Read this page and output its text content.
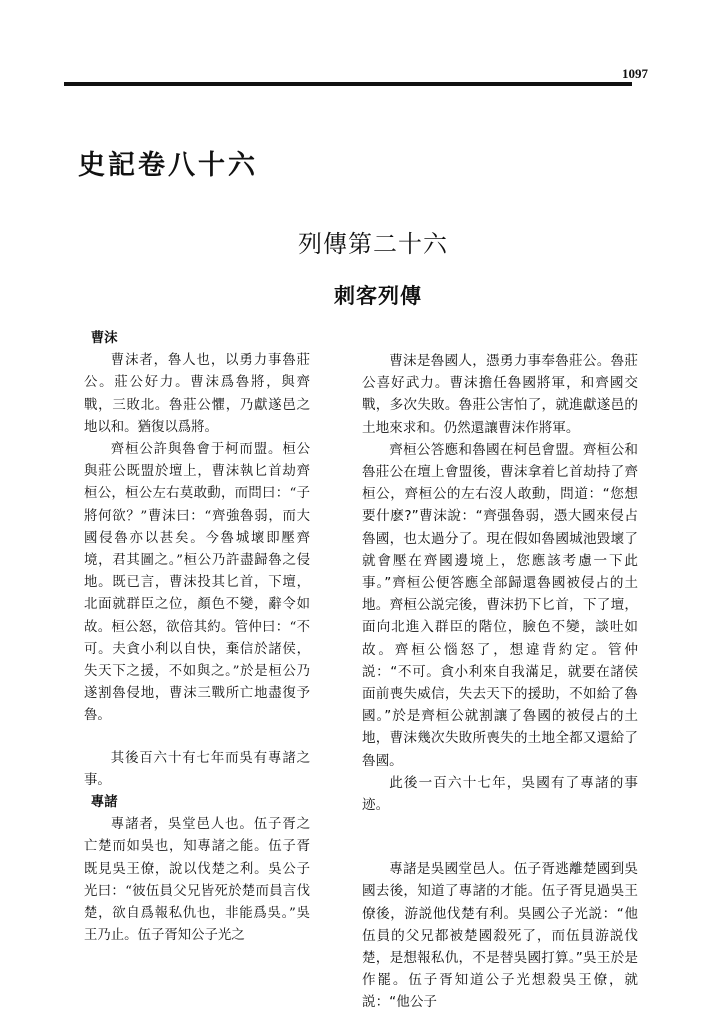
1097
史記卷八十六
列傳第二十六
刺客列傳

曹沫

曹沫者，魯人也，以勇力事魯莊公。莊公好力。曹沫爲魯將，與齊戰，三敗北。魯莊公懼，乃獻遂邑之地以和。猶復以爲將。

齊桓公許與魯會于柯而盟。桓公與莊公既盟於壇上，曹沫執匕首劫齊桓公，桓公左右莫敢動，而問曰：“子將何欲？”曹沫曰：“齊強魯弱，而大國侵魯亦以甚矣。今魯城壞即壓齊境，君其圖之。”桓公乃許盡歸魯之侵地。既已言，曹沫投其匕首，下壇，北面就群臣之位，顏色不變，辭令如故。桓公怒，欲倍其約。管仲曰：“不可。夫貪小利以自快，棄信於諸侯，失天下之援，不如與之。”於是桓公乃遂割魯侵地，曹沫三戰所亡地盡復予魯。

其後百六十有七年而吳有專諸之事。

專諸

專諸者，吳堂邑人也。伍子胥之亡楚而如吳也，知專諸之能。伍子胥既見吳王僚，說以伐楚之利。吳公子光曰：“彼伍員父兄皆死於楚而員言伐楚，欲自爲報私仇也，非能爲吳。”吳王乃止。伍子胥知公子光之

曹沫是魯國人，憑勇力事奉魯莊公。魯莊公喜好武力。曹沫擔任魯國將軍，和齊國交戰，多次失敗。魯莊公害怕了，就進獻遂邑的土地來求和。仍然還讓曹沫作將軍。

齊桓公答應和魯國在柯邑會盟。齊桓公和魯莊公在壇上會盟後，曹沫拿着匕首劫持了齊桓公，齊桓公的左右沒人敢動，問道：“您想要什麽?”曹沫說：“齊强魯弱，憑大國來侵占魯國，也太過分了。現在假如魯國城池毀壞了就會壓在齊國邊境上，您應該考慮一下此事。”齊桓公便答應全部歸還魯國被侵占的土地。齊桓公説完後，曹沫扔下匕首，下了壇，面向北進入群臣的階位，臉色不變，談吐如故。齊桓公惱怒了，想違背約定。管仲説：“不可。貪小利來自我滿足，就要在諸侯面前喪失威信，失去天下的援助，不如給了魯國。”於是齊桓公就割讓了魯國的被侵占的土地，曹沫幾次失敗所喪失的土地全都又還給了魯國。

此後一百六十七年，吳國有了專諸的事迹。

專諸是吳國堂邑人。伍子胥逃離楚國到吳國去後，知道了專諸的才能。伍子胥見過吳王僚後，游説他伐楚有利。吳國公子光説：“他伍員的父兄都被楚國殺死了，而伍員游説伐楚，是想報私仇，不是替吳國打算。”吳王於是作罷。伍子胥知道公子光想殺吳王僚，就説：“他公子
